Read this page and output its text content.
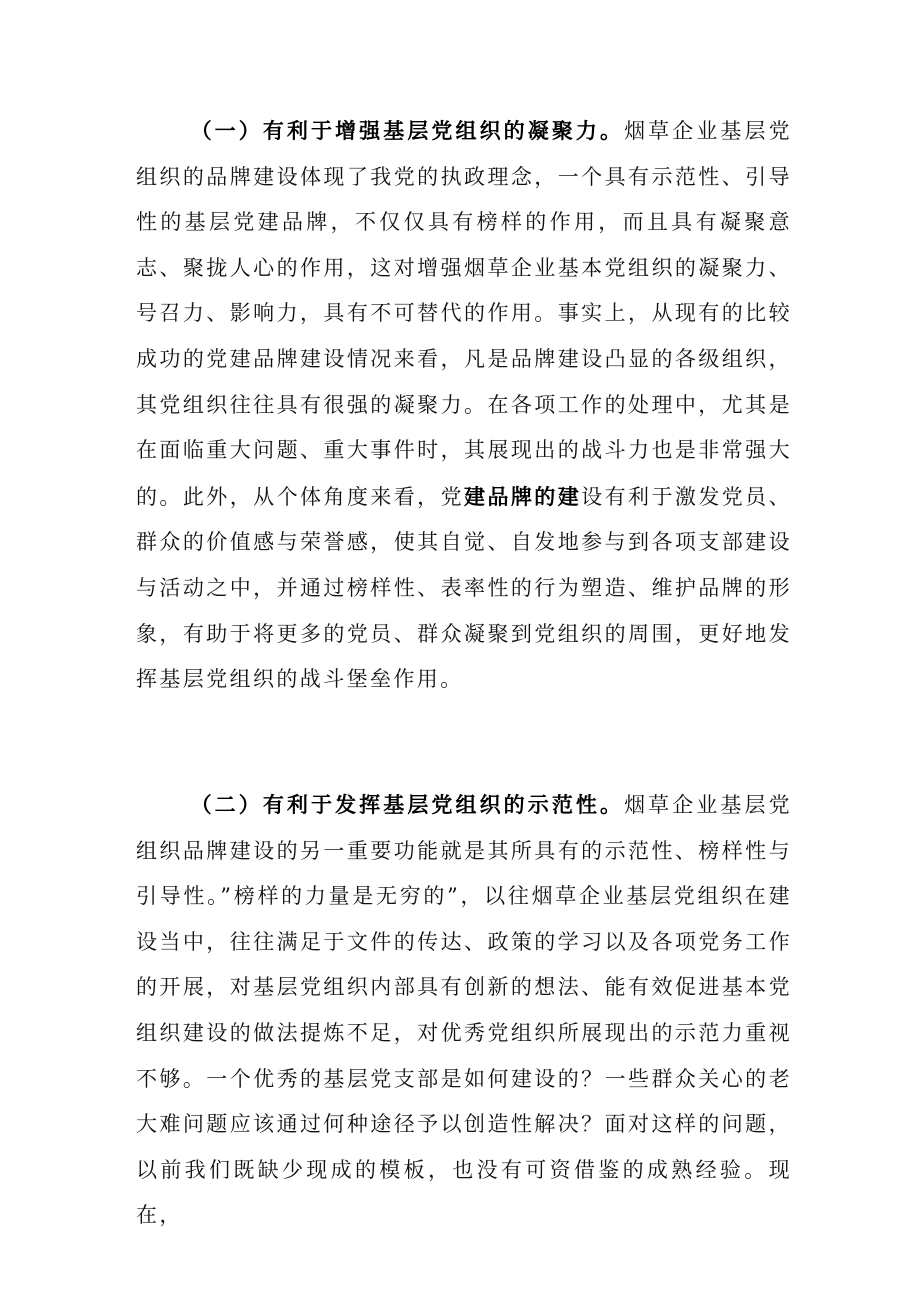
（一）有利于增强基层党组织的凝聚力。烟草企业基层党组织的品牌建设体现了我党的执政理念，一个具有示范性、引导性的基层党建品牌，不仅仅具有榜样的作用，而且具有凝聚意志、聚拢人心的作用，这对增强烟草企业基本党组织的凝聚力、号召力、影响力，具有不可替代的作用。事实上，从现有的比较成功的党建品牌建设情况来看，凡是品牌建设凸显的各级组织，其党组织往往具有很强的凝聚力。在各项工作的处理中，尤其是在面临重大问题、重大事件时，其展现出的战斗力也是非常强大的。此外，从个体角度来看，党建品牌的建设有利于激发党员、群众的价值感与荣誉感，使其自觉、自发地参与到各项支部建设与活动之中，并通过榜样性、表率性的行为塑造、维护品牌的形象，有助于将更多的党员、群众凝聚到党组织的周围，更好地发挥基层党组织的战斗堡垒作用。

（二）有利于发挥基层党组织的示范性。烟草企业基层党组织品牌建设的另一重要功能就是其所具有的示范性、榜样性与引导性。”榜样的力量是无穷的”，以往烟草企业基层党组织在建设当中，往往满足于文件的传达、政策的学习以及各项党务工作的开展，对基层党组织内部具有创新的想法、能有效促进基本党组织建设的做法提炼不足，对优秀党组织所展现出的示范力重视不够。一个优秀的基层党支部是如何建设的？一些群众关心的老大难问题应该通过何种途径予以创造性解决？面对这样的问题，以前我们既缺少现成的模板，也没有可资借鉴的成熟经验。现在，
